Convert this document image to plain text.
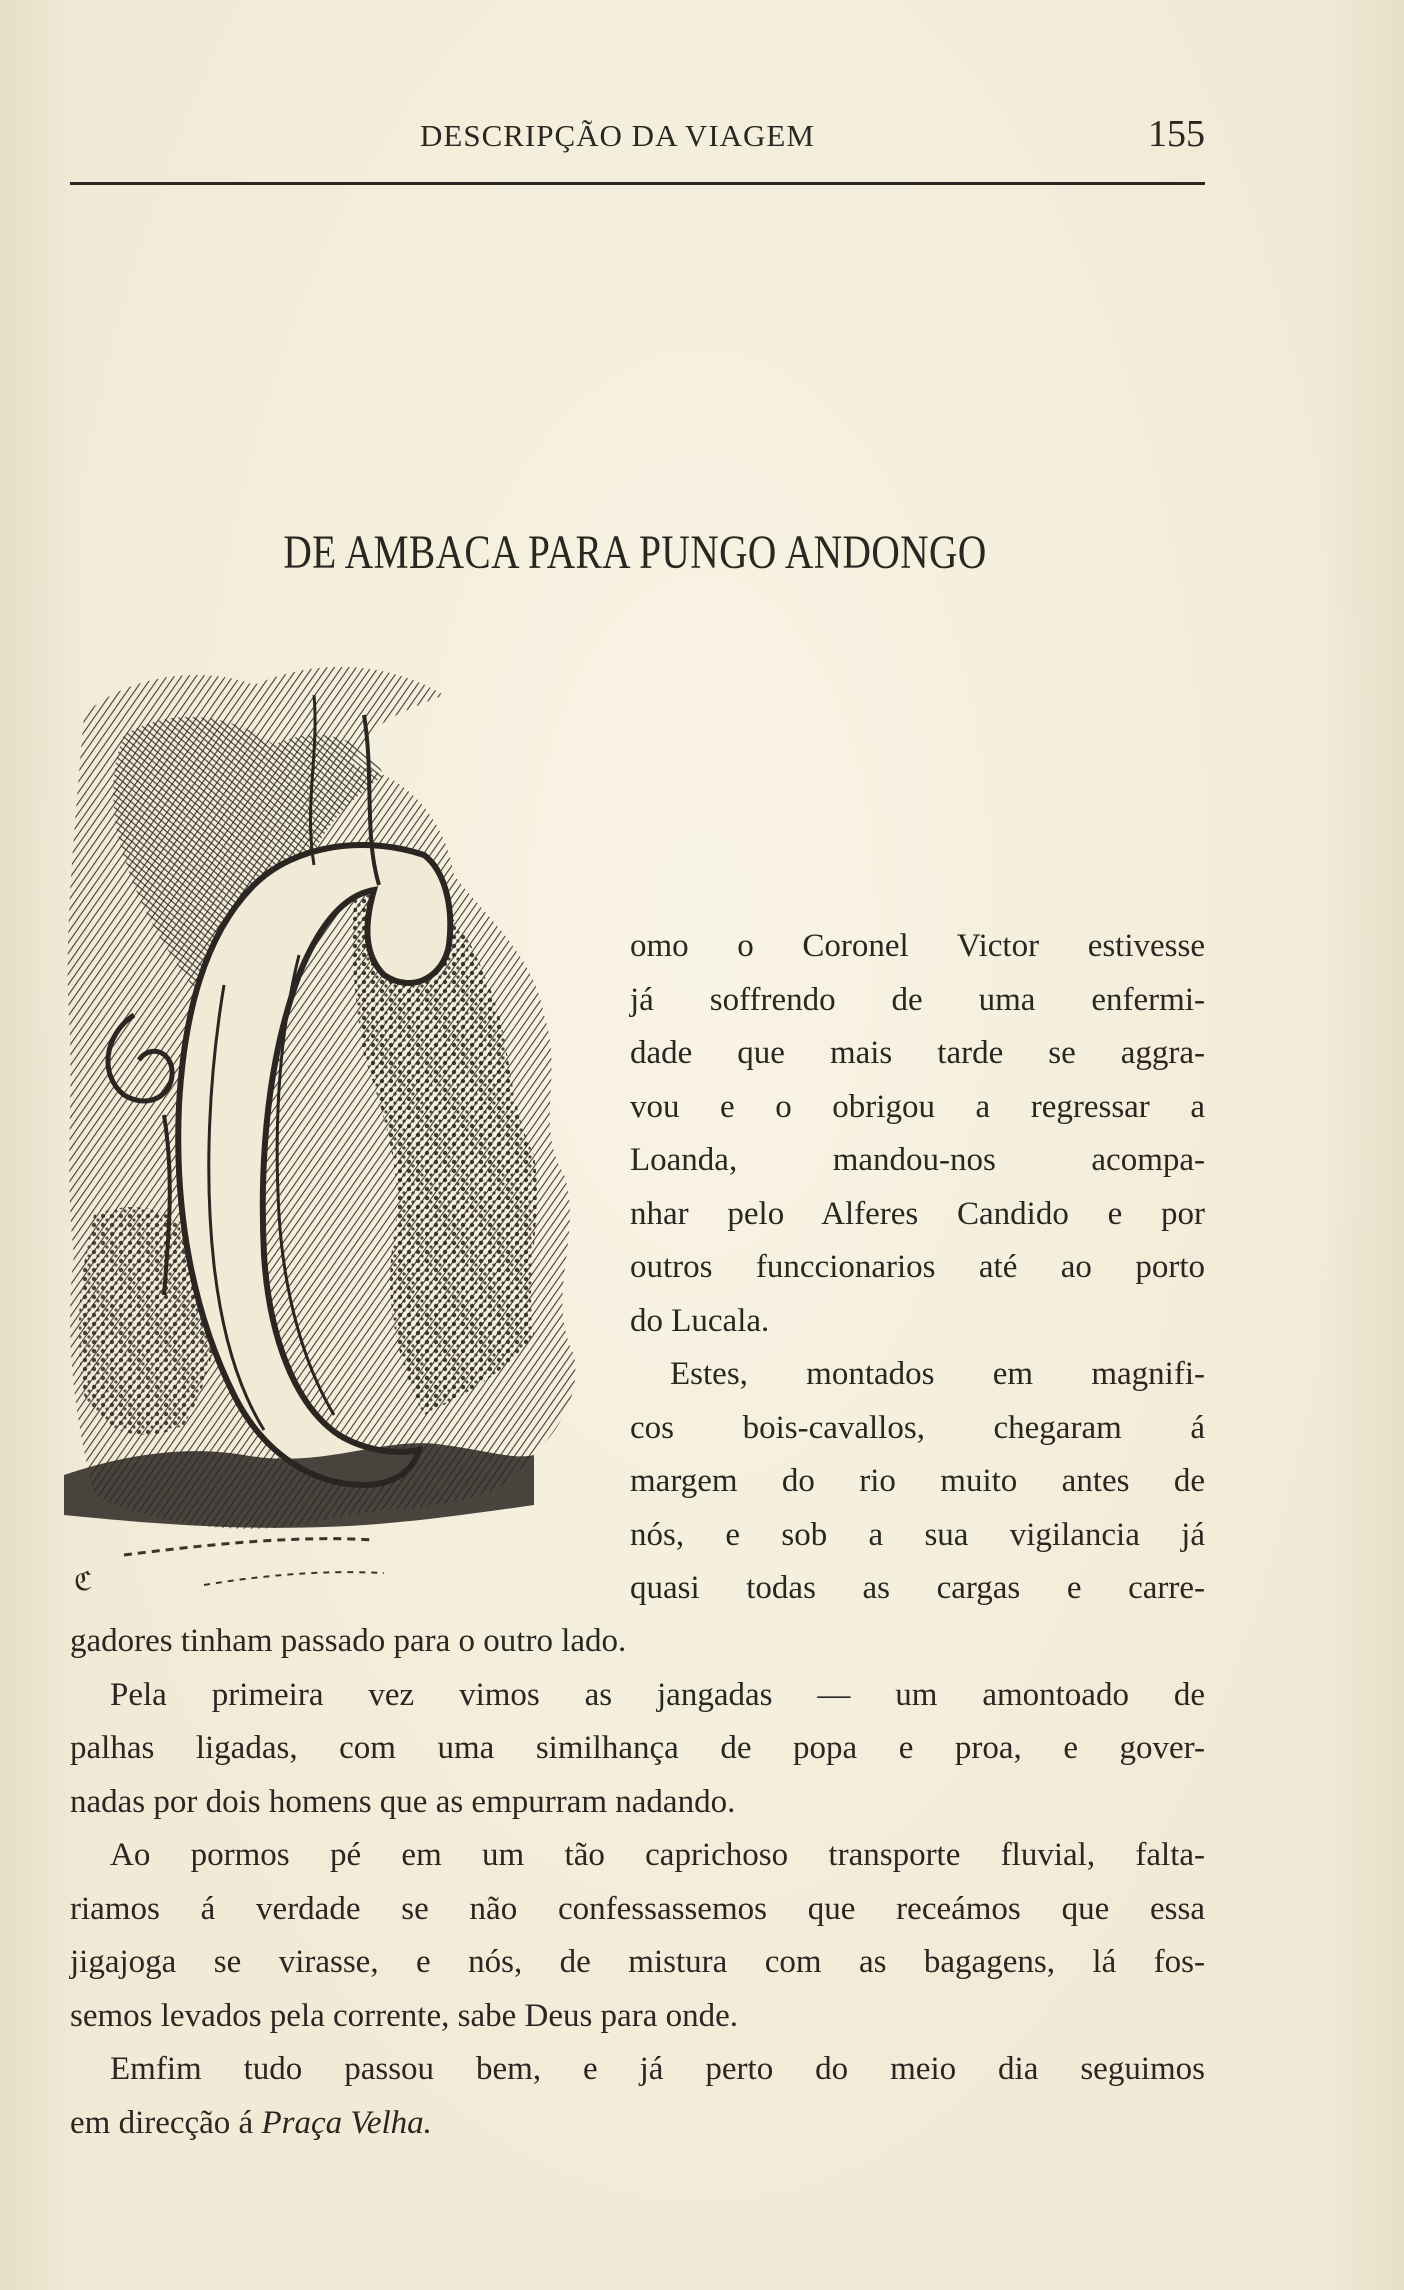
DESCRIPÇÃO DA VIAGEM	155
DE AMBACA PARA PUNGO ANDONGO
ℭ
omo o Coronel Victor estivesse
já soffrendo de uma enfermi-
dade que mais tarde se aggra-
vou e o obrigou a regressar a
Loanda, mandou-nos acompa-
nhar pelo Alferes Candido e por
outros funccionarios até ao porto
do Lucala.
Estes, montados em magnifi-
cos bois-cavallos, chegaram á
margem do rio muito antes de
nós, e sob a sua vigilancia já
quasi todas as cargas e carre-
gadores tinham passado para o outro lado.
Pela primeira vez vimos as jangadas — um amontoado de
palhas ligadas, com uma similhança de popa e proa, e gover-
nadas por dois homens que as empurram nadando.
Ao pormos pé em um tão caprichoso transporte fluvial, falta-
riamos á verdade se não confessassemos que receámos que essa
jigajoga se virasse, e nós, de mistura com as bagagens, lá fos-
semos levados pela corrente, sabe Deus para onde.
Emfim tudo passou bem, e já perto do meio dia seguimos
em direcção á Praça Velha.
